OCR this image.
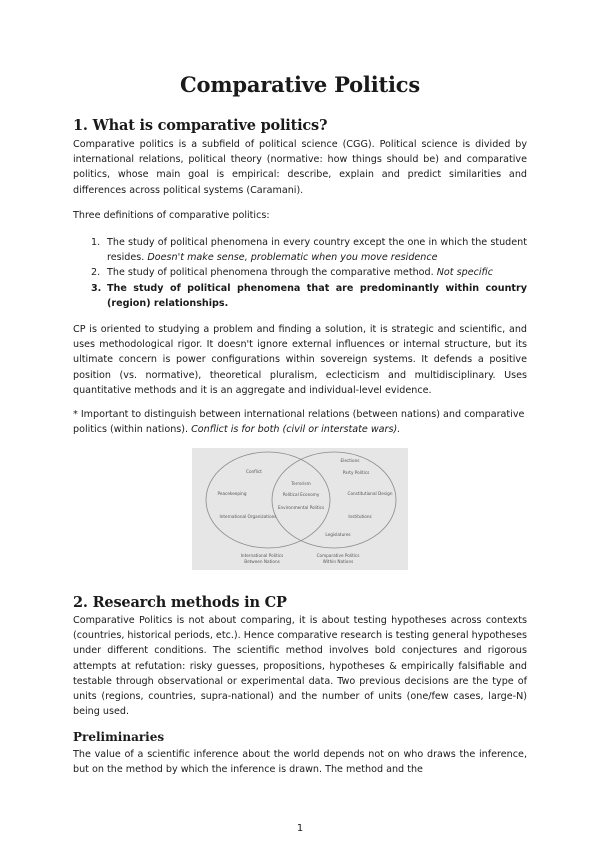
Comparative Politics
1. What is comparative politics?

Comparative politics is a subfield of political science (CGG). Political science is divided by international relations, political theory (normative: how things should be) and comparative politics, whose main goal is empirical: describe, explain and predict similarities and differences across political systems (Caramani).

Three definitions of comparative politics:

1. The study of political phenomena in every country except the one in which the student resides. Doesn't make sense, problematic when you move residence
2. The study of political phenomena through the comparative method. Not specific
3. The study of political phenomena that are predominantly within country (region) relationships.

CP is oriented to studying a problem and finding a solution, it is strategic and scientific, and uses methodological rigor. It doesn't ignore external influences or internal structure, but its ultimate concern is power configurations within sovereign systems. It defends a positive position (vs. normative), theoretical pluralism, eclecticism and multidisciplinary. Uses quantitative methods and it is an aggregate and individual-level evidence.

* Important to distinguish between international relations (between nations) and comparative politics (within nations). Conflict is for both (civil or interstate wars).

Conflict
Peacekeeping
International Organizations
Terrorism
Political Economy
Environmental Politics
Elections
Party Politics
Constitutional Design
Institutions
Legislatures
International Politics
Between Nations
Comparative Politics
Within Nations
2. Research methods in CP

Comparative Politics is not about comparing, it is about testing hypotheses across contexts (countries, historical periods, etc.). Hence comparative research is testing general hypotheses under different conditions. The scientific method involves bold conjectures and rigorous attempts at refutation: risky guesses, propositions, hypotheses & empirically falsifiable and testable through observational or experimental data. Two previous decisions are the type of units (regions, countries, supra-national) and the number of units (one/few cases, large-N) being used.

Preliminaries

The value of a scientific inference about the world depends not on who draws the inference, but on the method by which the inference is drawn. The method and the

1
